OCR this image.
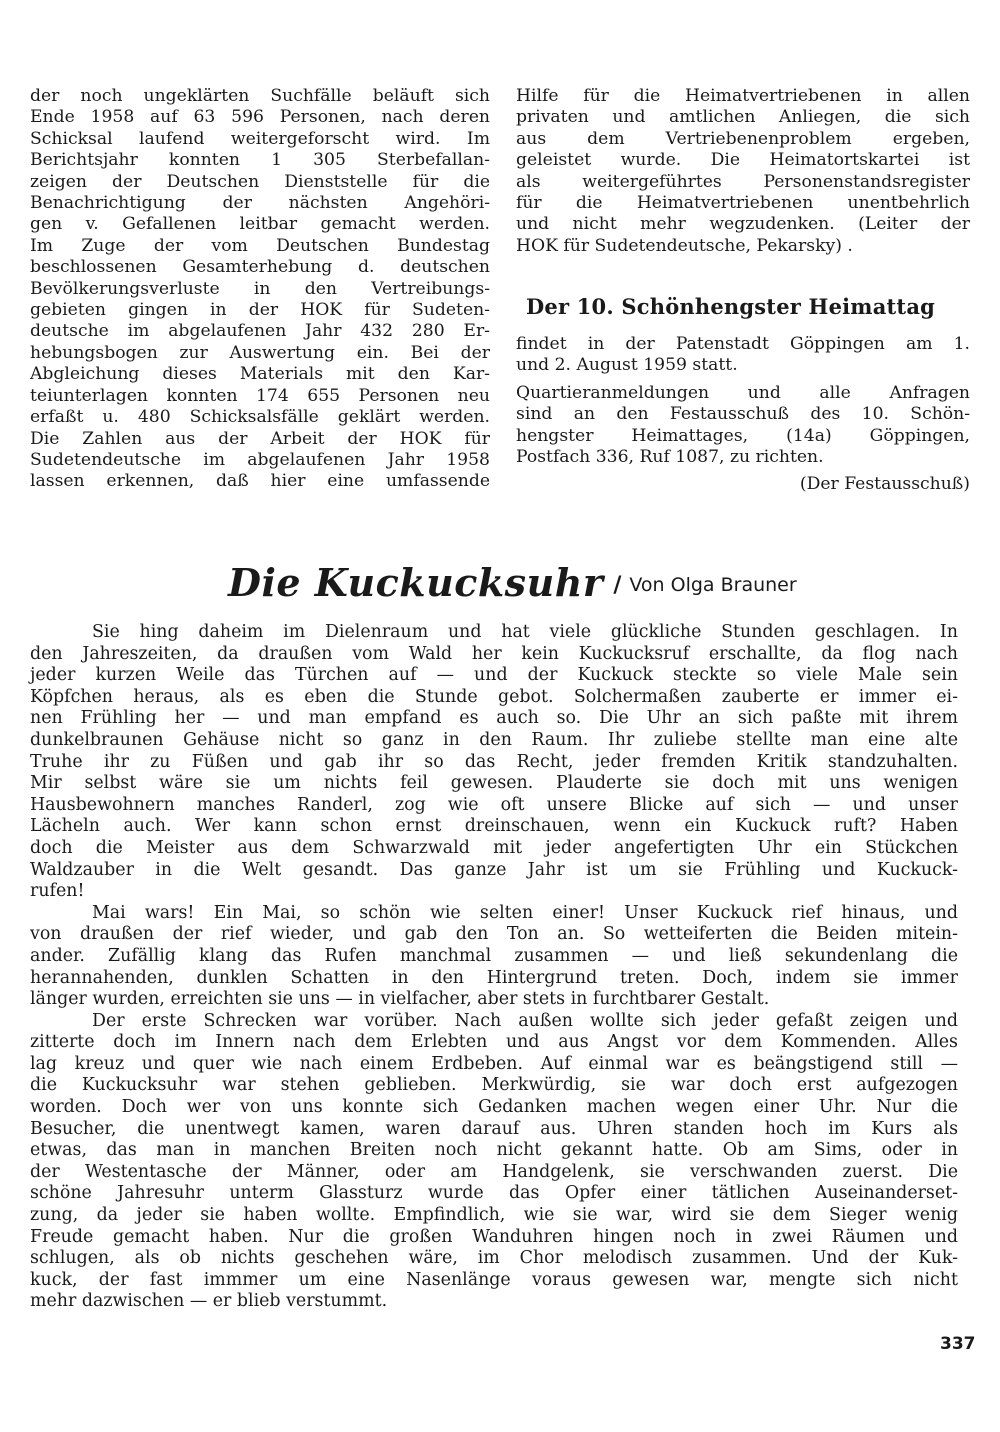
der noch ungeklärten Suchfälle beläuft sich
Ende 1958 auf 63 596 Personen, nach deren
Schicksal laufend weitergeforscht wird. Im
Berichtsjahr konnten 1 305 Sterbefallan-
zeigen der Deutschen Dienststelle für die
Benachrichtigung der nächsten Angehöri-
gen v. Gefallenen leitbar gemacht werden.
Im Zuge der vom Deutschen Bundestag
beschlossenen Gesamterhebung d. deutschen
Bevölkerungsverluste in den Vertreibungs-
gebieten gingen in der HOK für Sudeten-
deutsche im abgelaufenen Jahr 432 280 Er-
hebungsbogen zur Auswertung ein. Bei der
Abgleichung dieses Materials mit den Kar-
teiunterlagen konnten 174 655 Personen neu
erfaßt u. 480 Schicksalsfälle geklärt werden.
Die Zahlen aus der Arbeit der HOK für
Sudetendeutsche im abgelaufenen Jahr 1958
lassen erkennen, daß hier eine umfassende
Hilfe für die Heimatvertriebenen in allen
privaten und amtlichen Anliegen, die sich
aus dem Vertriebenenproblem ergeben,
geleistet wurde. Die Heimatortskartei ist
als weitergeführtes Personenstandsregister
für die Heimatvertriebenen unentbehrlich
und nicht mehr wegzudenken. (Leiter der
HOK für Sudetendeutsche, Pekarsky) .
Der 10. Schönhengster Heimattag
findet in der Patenstadt Göppingen am 1.
und 2. August 1959 statt.
Quartieranmeldungen und alle Anfragen
sind an den Festausschuß des 10. Schön-
hengster Heimattages, (14a) Göppingen,
Postfach 336, Ruf 1087, zu richten.
(Der Festausschuß)
Die Kuckucksuhr / Von Olga Brauner
Sie hing daheim im Dielenraum und hat viele glückliche Stunden geschlagen. In
den Jahreszeiten, da draußen vom Wald her kein Kuckucksruf erschallte, da flog nach
jeder kurzen Weile das Türchen auf — und der Kuckuck steckte so viele Male sein
Köpfchen heraus, als es eben die Stunde gebot. Solchermaßen zauberte er immer ei-
nen Frühling her — und man empfand es auch so. Die Uhr an sich paßte mit ihrem
dunkelbraunen Gehäuse nicht so ganz in den Raum. Ihr zuliebe stellte man eine alte
Truhe ihr zu Füßen und gab ihr so das Recht, jeder fremden Kritik standzuhalten.
Mir selbst wäre sie um nichts feil gewesen. Plauderte sie doch mit uns wenigen
Hausbewohnern manches Randerl, zog wie oft unsere Blicke auf sich — und unser
Lächeln auch. Wer kann schon ernst dreinschauen, wenn ein Kuckuck ruft? Haben
doch die Meister aus dem Schwarzwald mit jeder angefertigten Uhr ein Stückchen
Waldzauber in die Welt gesandt. Das ganze Jahr ist um sie Frühling und Kuckuck-
rufen!
Mai wars! Ein Mai, so schön wie selten einer! Unser Kuckuck rief hinaus, und
von draußen der rief wieder, und gab den Ton an. So wetteiferten die Beiden mitein-
ander. Zufällig klang das Rufen manchmal zusammen — und ließ sekundenlang die
herannahenden, dunklen Schatten in den Hintergrund treten. Doch, indem sie immer
länger wurden, erreichten sie uns — in vielfacher, aber stets in furchtbarer Gestalt.
Der erste Schrecken war vorüber. Nach außen wollte sich jeder gefaßt zeigen und
zitterte doch im Innern nach dem Erlebten und aus Angst vor dem Kommenden. Alles
lag kreuz und quer wie nach einem Erdbeben. Auf einmal war es beängstigend still —
die Kuckucksuhr war stehen geblieben. Merkwürdig, sie war doch erst aufgezogen
worden. Doch wer von uns konnte sich Gedanken machen wegen einer Uhr. Nur die
Besucher, die unentwegt kamen, waren darauf aus. Uhren standen hoch im Kurs als
etwas, das man in manchen Breiten noch nicht gekannt hatte. Ob am Sims, oder in
der Westentasche der Männer, oder am Handgelenk, sie verschwanden zuerst. Die
schöne Jahresuhr unterm Glassturz wurde das Opfer einer tätlichen Auseinanderset-
zung, da jeder sie haben wollte. Empfindlich, wie sie war, wird sie dem Sieger wenig
Freude gemacht haben. Nur die großen Wanduhren hingen noch in zwei Räumen und
schlugen, als ob nichts geschehen wäre, im Chor melodisch zusammen. Und der Kuk-
kuck, der fast immmer um eine Nasenlänge voraus gewesen war, mengte sich nicht
mehr dazwischen — er blieb verstummt.
337
